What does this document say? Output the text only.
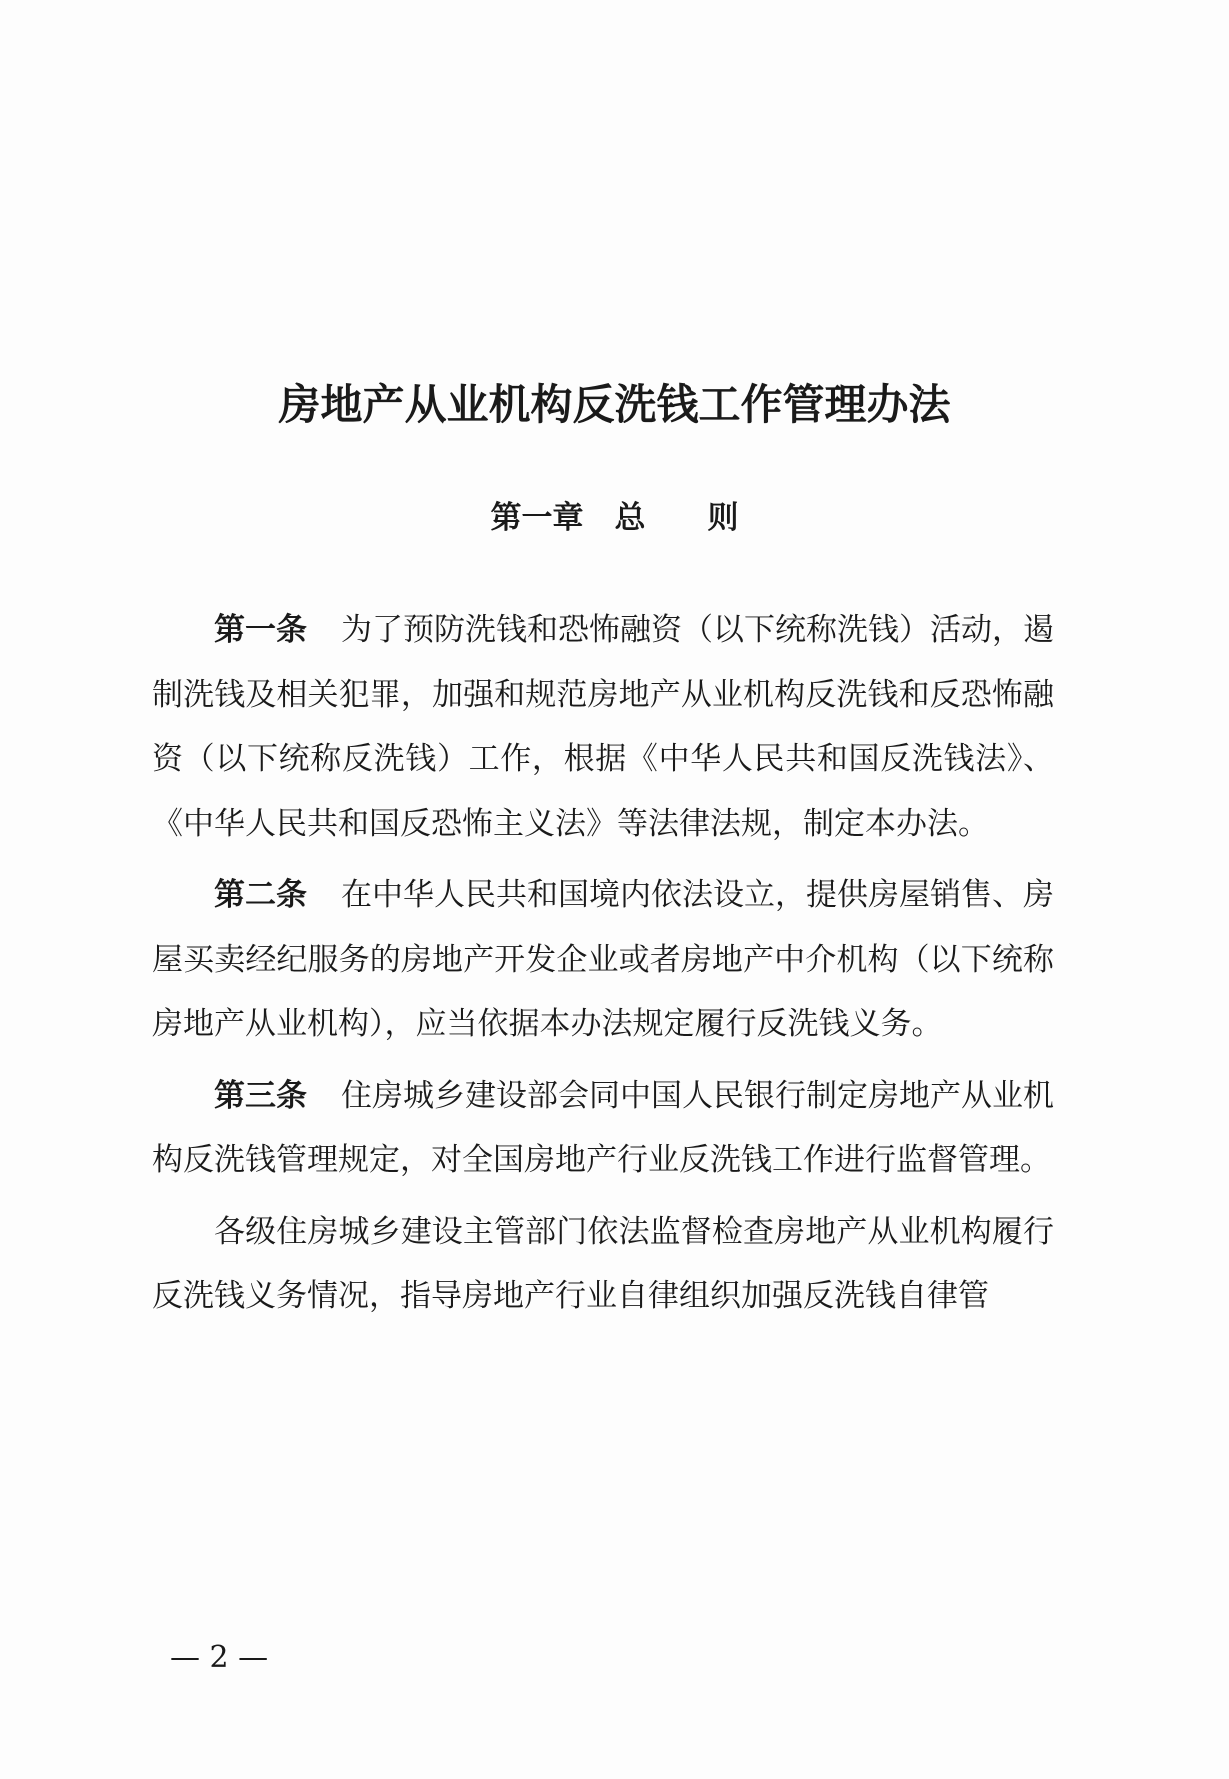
房地产从业机构反洗钱工作管理办法
第一章　总　　则

第一条 为了预防洗钱和恐怖融资（以下统称洗钱）活动，遏制洗钱及相关犯罪，加强和规范房地产从业机构反洗钱和反恐怖融资（以下统称反洗钱）工作，根据《中华人民共和国反洗钱法》、《中华人民共和国反恐怖主义法》等法律法规，制定本办法。

第二条 在中华人民共和国境内依法设立，提供房屋销售、房屋买卖经纪服务的房地产开发企业或者房地产中介机构（以下统称房地产从业机构），应当依据本办法规定履行反洗钱义务。

第三条 住房城乡建设部会同中国人民银行制定房地产从业机构反洗钱管理规定，对全国房地产行业反洗钱工作进行监督管理。

各级住房城乡建设主管部门依法监督检查房地产从业机构履行反洗钱义务情况，指导房地产行业自律组织加强反洗钱自律管

— 2 —
